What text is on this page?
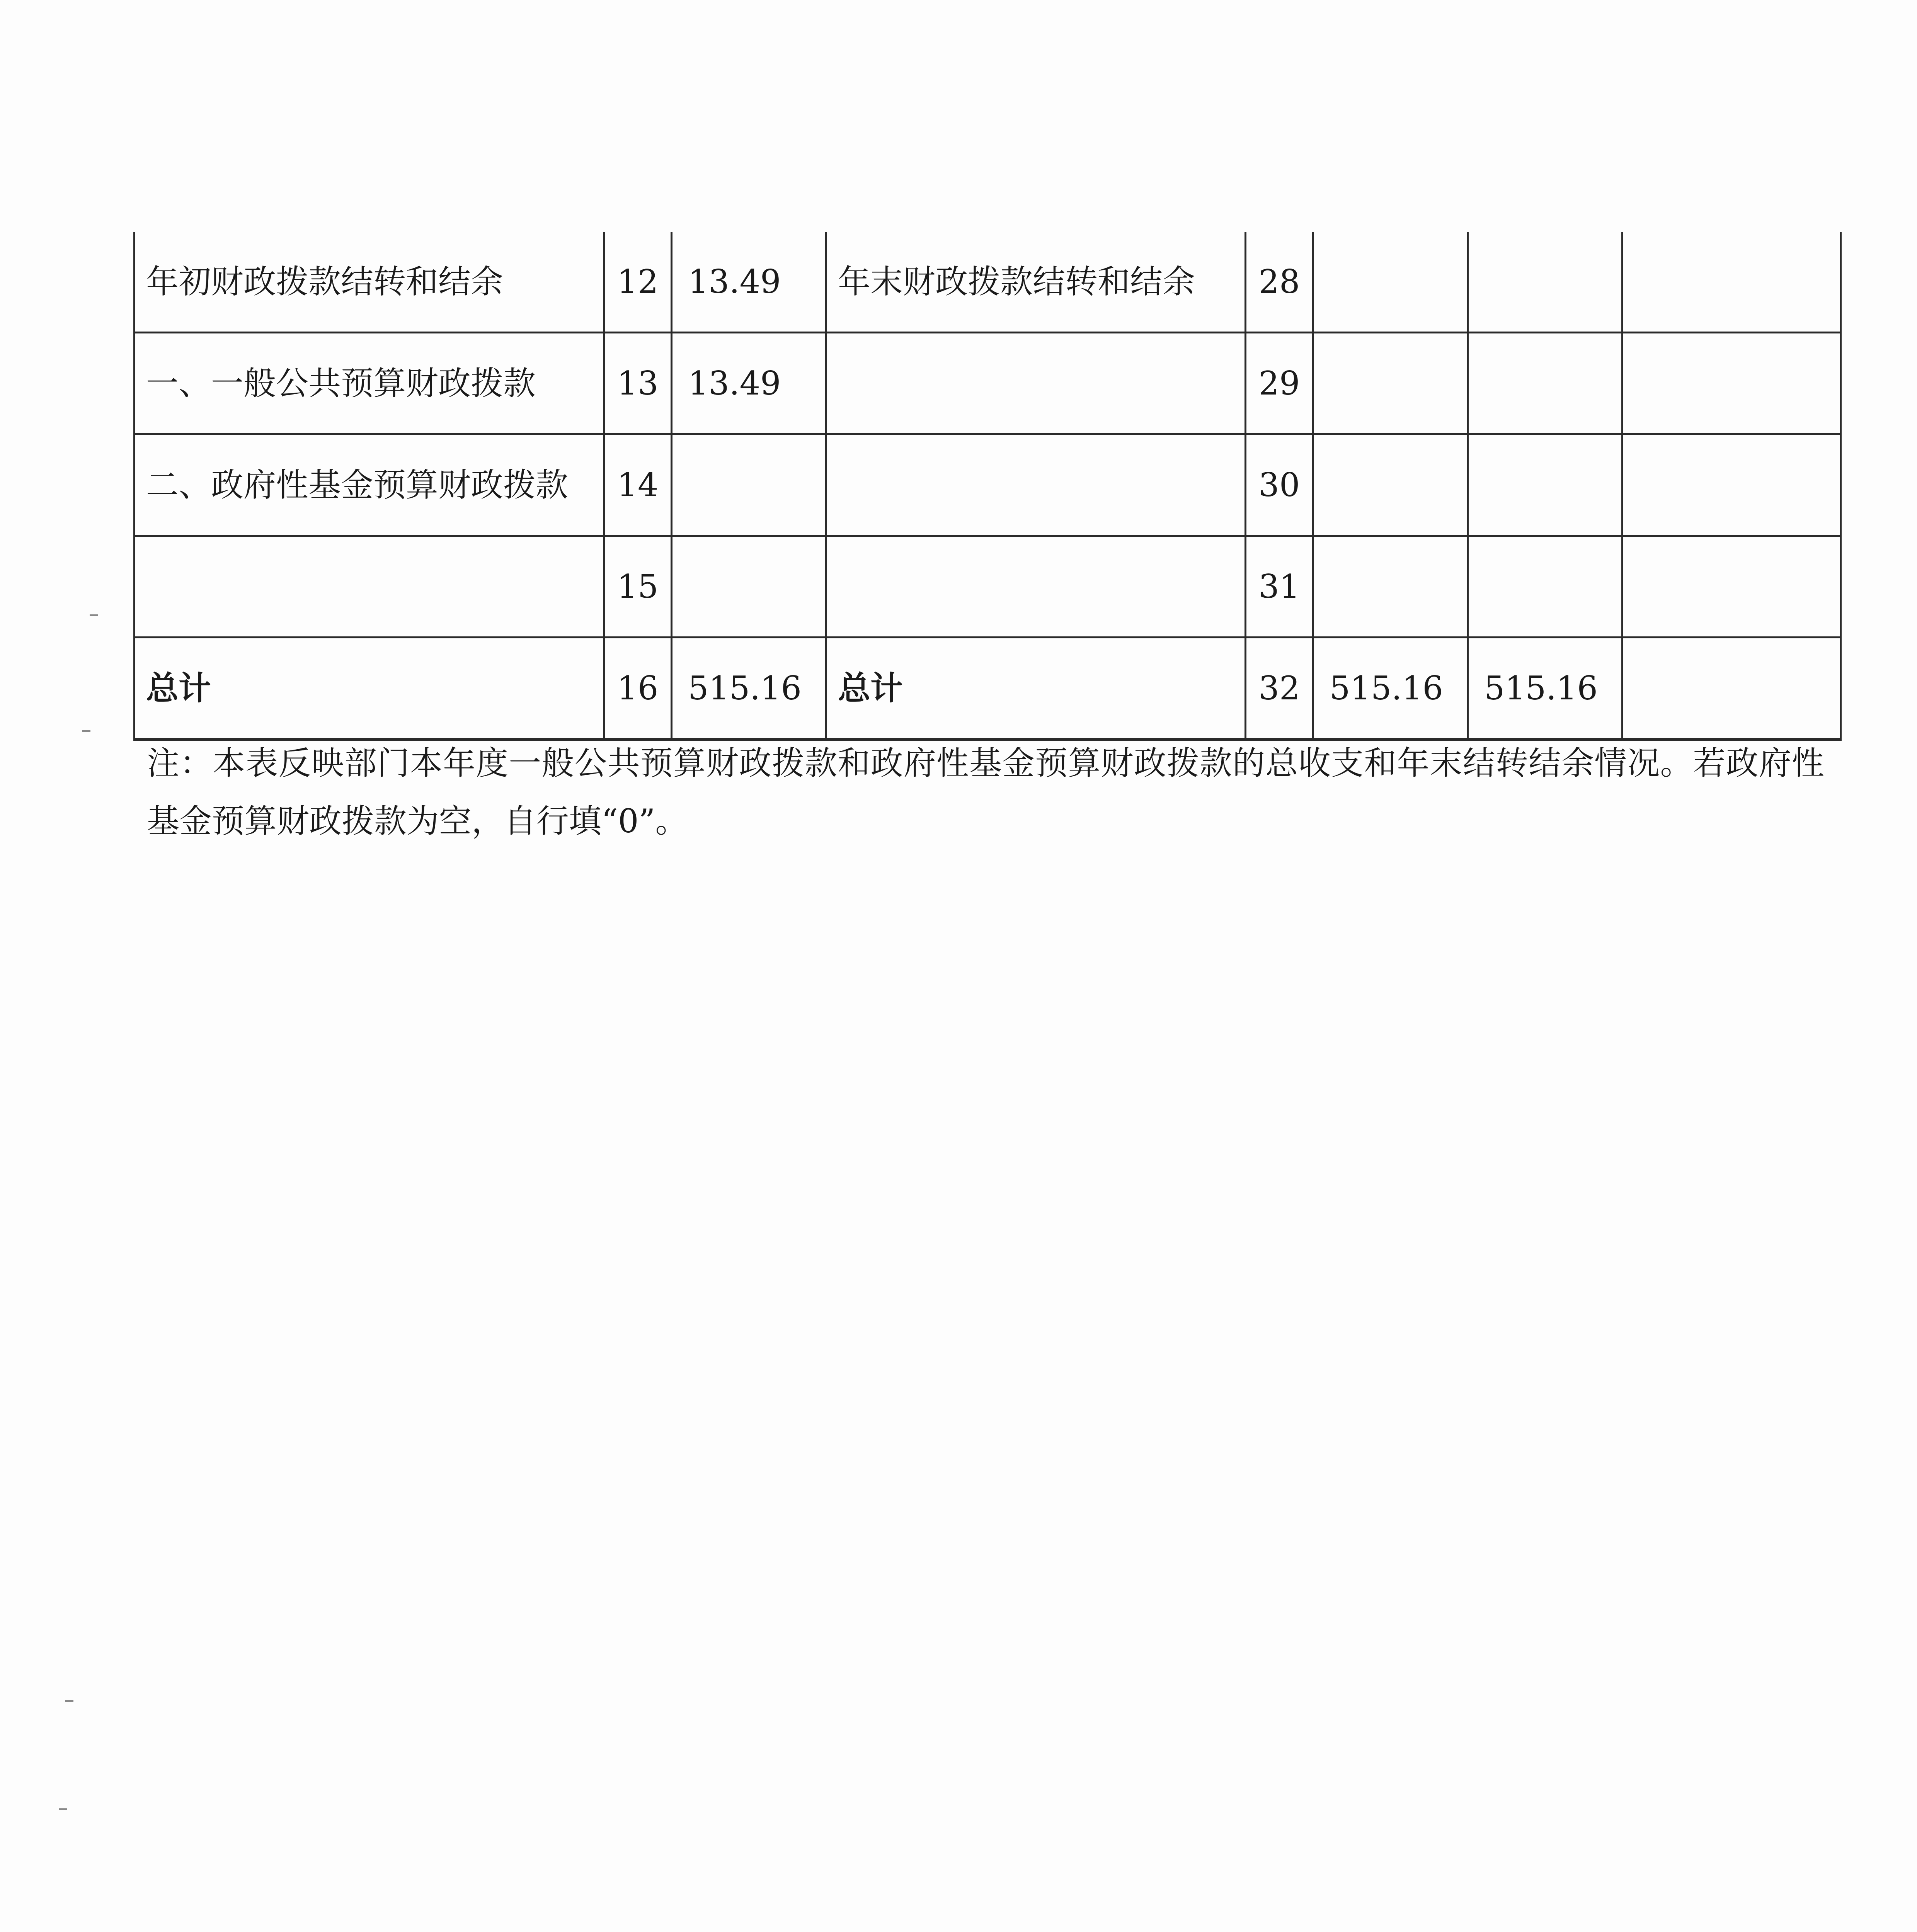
年初财政拨款结转和结余	12	13.49	年末财政拨款结转和结余	28			
一、一般公共预算财政拨款	13	13.49		29			
二、政府性基金预算财政拨款	14			30			
	15			31			
总计	16	515.16	总计	32	515.16	515.16	
注：本表反映部门本年度一般公共预算财政拨款和政府性基金预算财政拨款的总收支和年末结转结余情况。若政府性基金预算财政拨款为空，自行填“0”。
